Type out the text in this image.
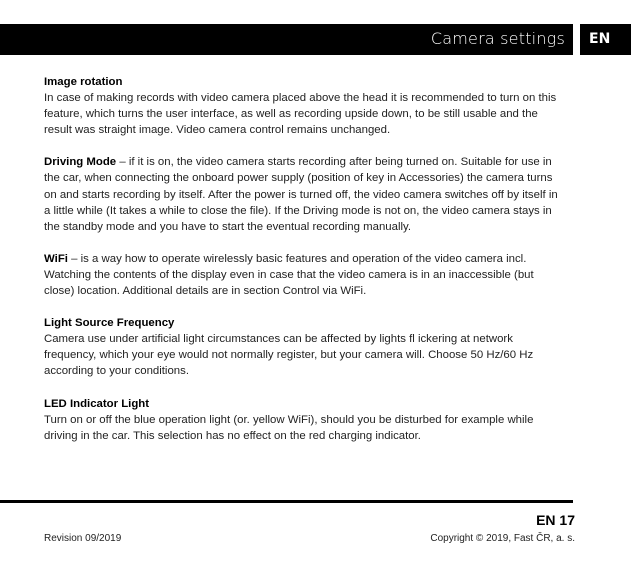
Camera settings	EN
Image rotation
In case of making records with video camera placed above the head it is recommended to turn on this feature, which turns the user interface, as well as recording upside down, to be still usable and the result was straight image. Video camera control remains unchanged.
Driving Mode – if it is on, the video camera starts recording after being turned on. Suitable for use in the car, when connecting the onboard power supply (position of key in Accessories) the camera turns on and starts recording by itself. After the power is turned off, the video camera switches off by itself in a little while (It takes a while to close the file). If the Driving mode is not on, the video camera stays in the standby mode and you have to start the eventual recording manually.
WiFi – is a way how to operate wirelessly basic features and operation of the video camera incl. Watching the contents of the display even in case that the video camera is in an inaccessible (but close) location. Additional details are in section Control via WiFi.
Light Source Frequency
Camera use under artificial light circumstances can be affected by lights fl ickering at network frequency, which your eye would not normally register, but your camera will. Choose 50 Hz/60 Hz according to your conditions.
LED Indicator Light
Turn on or off the blue operation light (or. yellow WiFi), should you be disturbed for example while driving in the car. This selection has no effect on the red charging indicator.
EN 17
Revision 09/2019	Copyright © 2019, Fast ČR, a. s.
